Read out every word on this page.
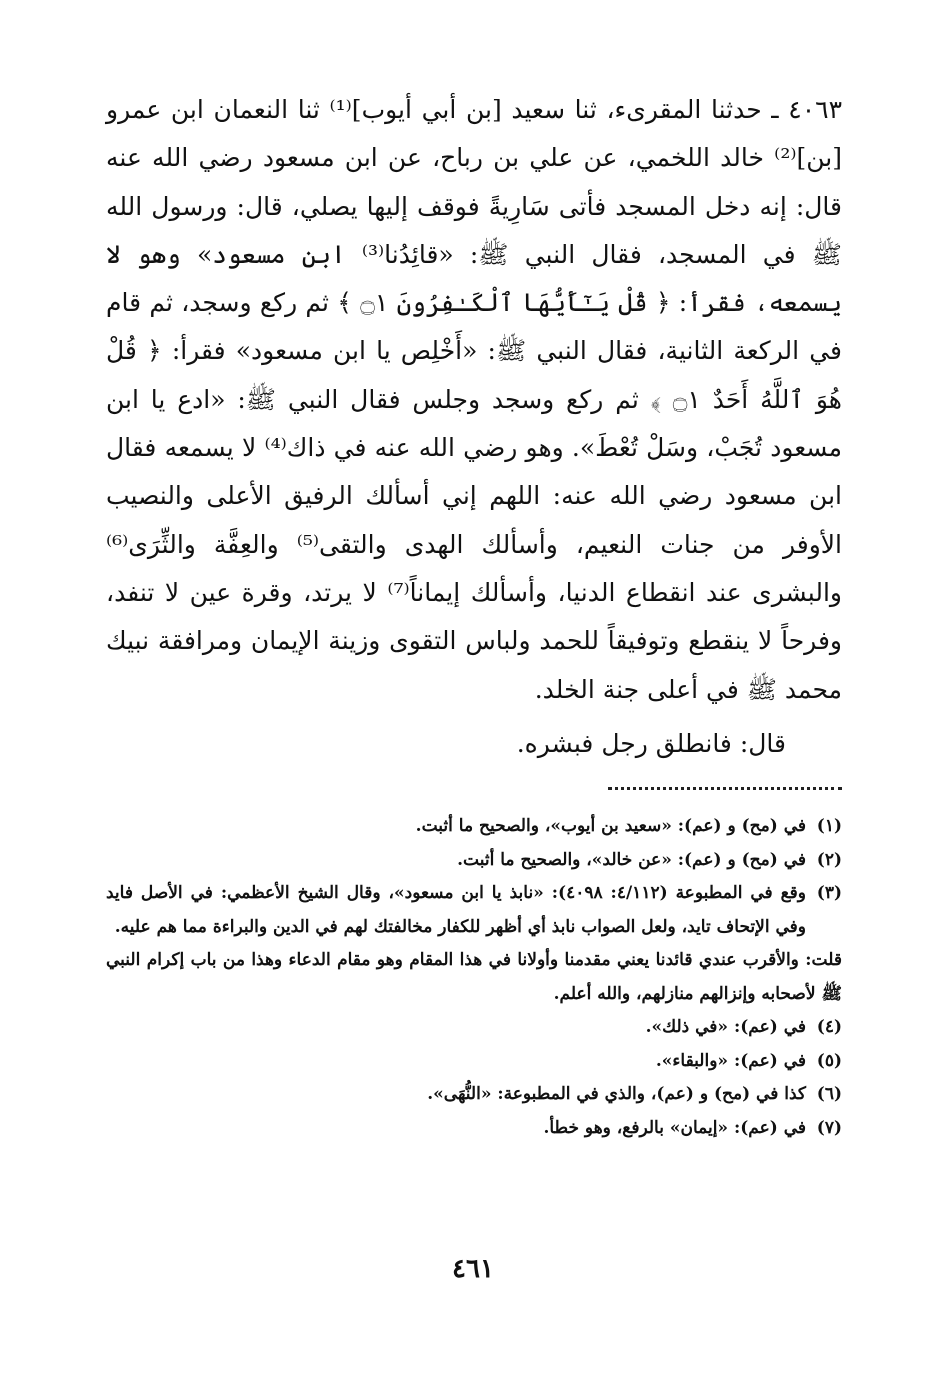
٤٠٦٣ ـ حدثنا المقرىء، ثنا سعيد [بن أبي أيوب]⁽¹⁾ ثنا النعمان ابن عمرو [بن]⁽²⁾ خالد اللخمي، عن علي بن رباح، عن ابن مسعود رضي الله عنه قال: إنه دخل المسجد فأتى سَارِيةً فوقف إليها يصلي، قال: ورسول الله ﷺ في المسجد، فقال النبي ﷺ: «قائِدُنا⁽³⁾ ابن مسعود» وهو لا يسمعه، فقرأ: ﴿ قُلْ يَـٰٓأَيُّهَا ٱلْكَـٰفِرُونَ ۝١ ﴾ ثم ركع وسجد، ثم قام في الركعة الثانية، فقال النبي ﷺ: «أَخْلِص يا ابن مسعود» فقرأ: ﴿ قُلْ هُوَ ٱللَّهُ أَحَدٌ ۝١ ﴾ ثم ركع وسجد وجلس فقال النبي ﷺ: «ادع يا ابن مسعود تُجَبْ، وسَلْ تُعْطَ». وهو رضي الله عنه في ذاك⁽⁴⁾ لا يسمعه فقال ابن مسعود رضي الله عنه: اللهم إني أسألك الرفيق الأعلى والنصيب الأوفر من جنات النعيم، وأسألك الهدى والتقى⁽⁵⁾ والعِفَّة والثِّرَى⁽⁶⁾ والبشرى عند انقطاع الدنيا، وأسألك إيماناً⁽⁷⁾ لا يرتد، وقرة عين لا تنفد، وفرحاً لا ينقطع وتوفيقاً للحمد ولباس التقوى وزينة الإيمان ومرافقة نبيك محمد ﷺ في أعلى جنة الخلد.

قال: فانطلق رجل فبشره.

(١)
في (مح) و (عم): «سعيد بن أيوب»، والصحيح ما أثبت.
(٢)
في (مح) و (عم): «عن خالد»، والصحيح ما أثبت.
(٣)
وقع في المطبوعة (٤/١١٢: ٤٠٩٨): «نابذ يا ابن مسعود»، وقال الشيخ الأعظمي: في الأصل فايد وفي الإتحاف تايد، ولعل الصواب نابذ أي أظهر للكفار مخالفتك لهم في الدين والبراءة مما هم عليه.
قلت: والأقرب عندي قائدنا يعني مقدمنا وأولانا في هذا المقام وهو مقام الدعاء وهذا من باب إكرام النبي ﷺ لأصحابه وإنزالهم منازلهم، والله أعلم.
(٤)
في (عم): «في ذلك».
(٥)
في (عم): «والبقاء».
(٦)
كذا في (مح) و (عم)، والذي في المطبوعة: «النُّهَى».
(٧)
في (عم): «إيمان» بالرفع، وهو خطأ.
٤٦١
